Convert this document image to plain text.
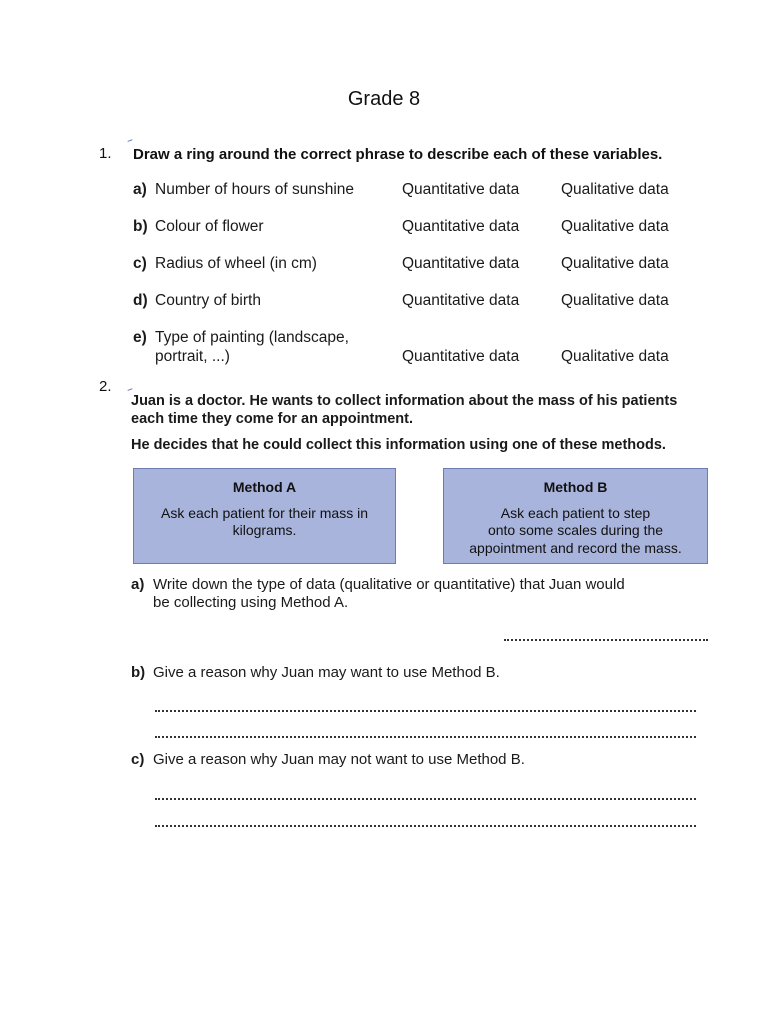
Grade 8
1. Draw a ring around the correct phrase to describe each of these variables.
a) Number of hours of sunshine	Quantitative data	Qualitative data
b) Colour of flower	Quantitative data	Qualitative data
c) Radius of wheel (in cm)	Quantitative data	Qualitative data
d) Country of birth	Quantitative data	Qualitative data
e) Type of painting (landscape,
portrait, ...)	Quantitative data	Qualitative data
2.
Juan is a doctor. He wants to collect information about the mass of his patients
each time they come for an appointment.
He decides that he could collect this information using one of these methods.
Method A
Ask each patient for their mass in kilograms.
Method B
Ask each patient to step
onto some scales during the
appointment and record the mass.
a) Write down the type of data (qualitative or quantitative) that Juan would
be collecting using Method A.
b) Give a reason why Juan may want to use Method B.
c) Give a reason why Juan may not want to use Method B.
